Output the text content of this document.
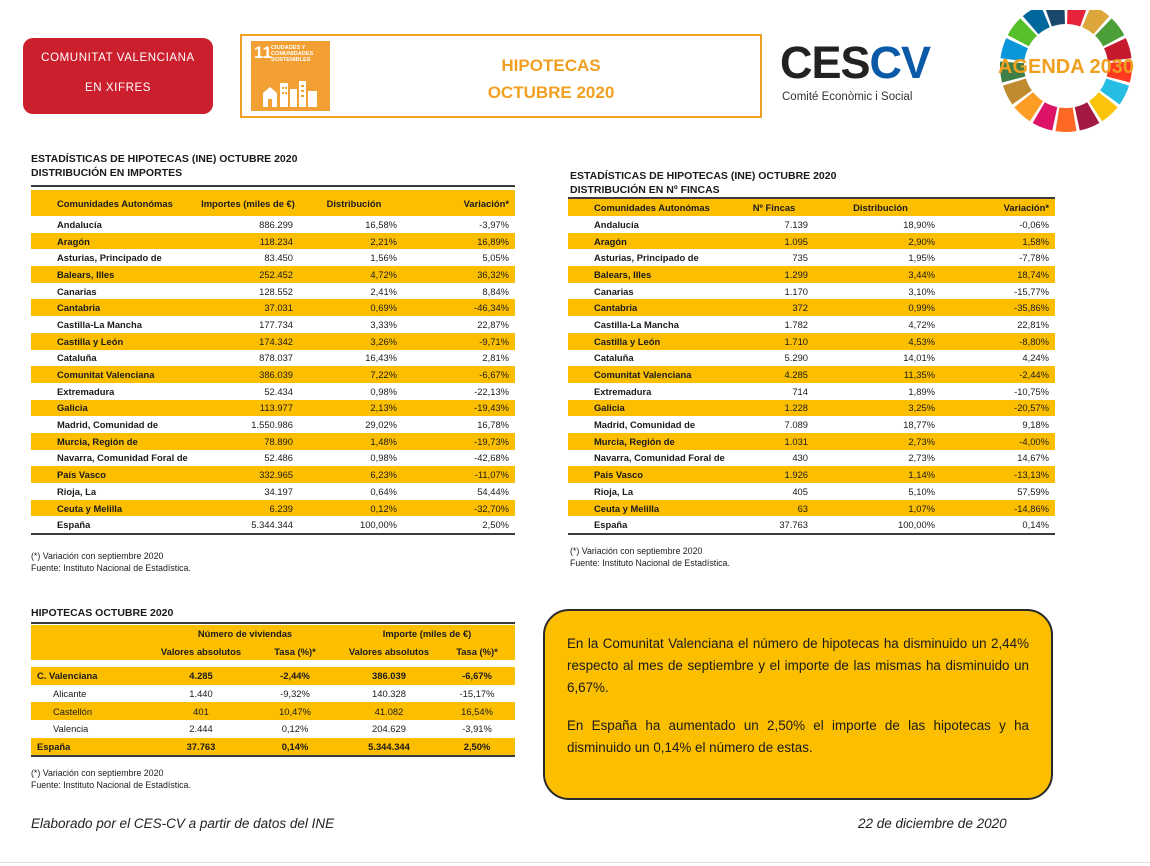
COMUNITAT VALENCIANA
EN XIFRES
11 CIUDADES Y COMUNIDADES SOSTENIBLES	HIPOTECAS
OCTUBRE 2020
CESCV
Comité Econòmic i Social
AGENDA 2030
ESTADÍSTICAS DE HIPOTECAS (INE) OCTUBRE 2020
DISTRIBUCIÓN EN IMPORTES
Comunidades Autonómas	Importes (miles de €)	Distribución	Variación*
Andalucía	886.299	16,58%	-3,97%
Aragón	118.234	2,21%	16,89%
Asturias, Principado de	83.450	1,56%	5,05%
Balears, Illes	252.452	4,72%	36,32%
Canarias	128.552	2,41%	8,84%
Cantabria	37.031	0,69%	-46,34%
Castilla-La Mancha	177.734	3,33%	22,87%
Castilla y León	174.342	3,26%	-9,71%
Cataluña	878.037	16,43%	2,81%
Comunitat Valenciana	386.039	7,22%	-6,67%
Extremadura	52.434	0,98%	-22,13%
Galicia	113.977	2,13%	-19,43%
Madrid, Comunidad de	1.550.986	29,02%	16,78%
Murcia, Región de	78.890	1,48%	-19,73%
Navarra, Comunidad Foral de	52.486	0,98%	-42,68%
País Vasco	332.965	6,23%	-11,07%
Rioja, La	34.197	0,64%	54,44%
Ceuta y Melilla	6.239	0,12%	-32,70%
España	5.344.344	100,00%	2,50%
(*) Variación con septiembre 2020
Fuente: Instituto Nacional de Estadística.
ESTADÍSTICAS DE HIPOTECAS (INE) OCTUBRE 2020
DISTRIBUCIÓN EN Nº FINCAS
Comunidades Autonómas	Nº Fincas	Distribución	Variación*
Andalucía	7.139	18,90%	-0,06%
Aragón	1.095	2,90%	1,58%
Asturias, Principado de	735	1,95%	-7,78%
Balears, Illes	1.299	3,44%	18,74%
Canarias	1.170	3,10%	-15,77%
Cantabria	372	0,99%	-35,86%
Castilla-La Mancha	1.782	4,72%	22,81%
Castilla y León	1.710	4,53%	-8,80%
Cataluña	5.290	14,01%	4,24%
Comunitat Valenciana	4.285	11,35%	-2,44%
Extremadura	714	1,89%	-10,75%
Galicia	1.228	3,25%	-20,57%
Madrid, Comunidad de	7.089	18,77%	9,18%
Murcia, Región de	1.031	2,73%	-4,00%
Navarra, Comunidad Foral de	430	2,73%	14,67%
País Vasco	1.926	1,14%	-13,13%
Rioja, La	405	5,10%	57,59%
Ceuta y Melilla	63	1,07%	-14,86%
España	37.763	100,00%	0,14%
(*) Variación con septiembre 2020
Fuente: Instituto Nacional de Estadística.
HIPOTECAS OCTUBRE 2020
	Número de viviendas		Importe (miles de €)	
	Valores absolutos	Tasa (%)*	Valores absolutos	Tasa (%)*

C. Valenciana	4.285	-2,44%	386.039	-6,67%
Alicante	1.440	-9,32%	140.328	-15,17%
Castellón	401	10,47%	41.082	16,54%
Valencia	2.444	0,12%	204.629	-3,91%
España	37.763	0,14%	5.344.344	2,50%
(*) Variación con septiembre 2020
Fuente: Instituto Nacional de Estadística.

En la Comunitat Valenciana el número de hipotecas ha disminuido un 2,44% respecto al mes de septiembre y el importe de las mismas ha disminuido un 6,67%.

En España ha aumentado un 2,50% el importe de las hipotecas y ha disminuido un 0,14% el número de estas.

Elaborado por el CES-CV a partir de datos del INE	22 de diciembre de 2020
